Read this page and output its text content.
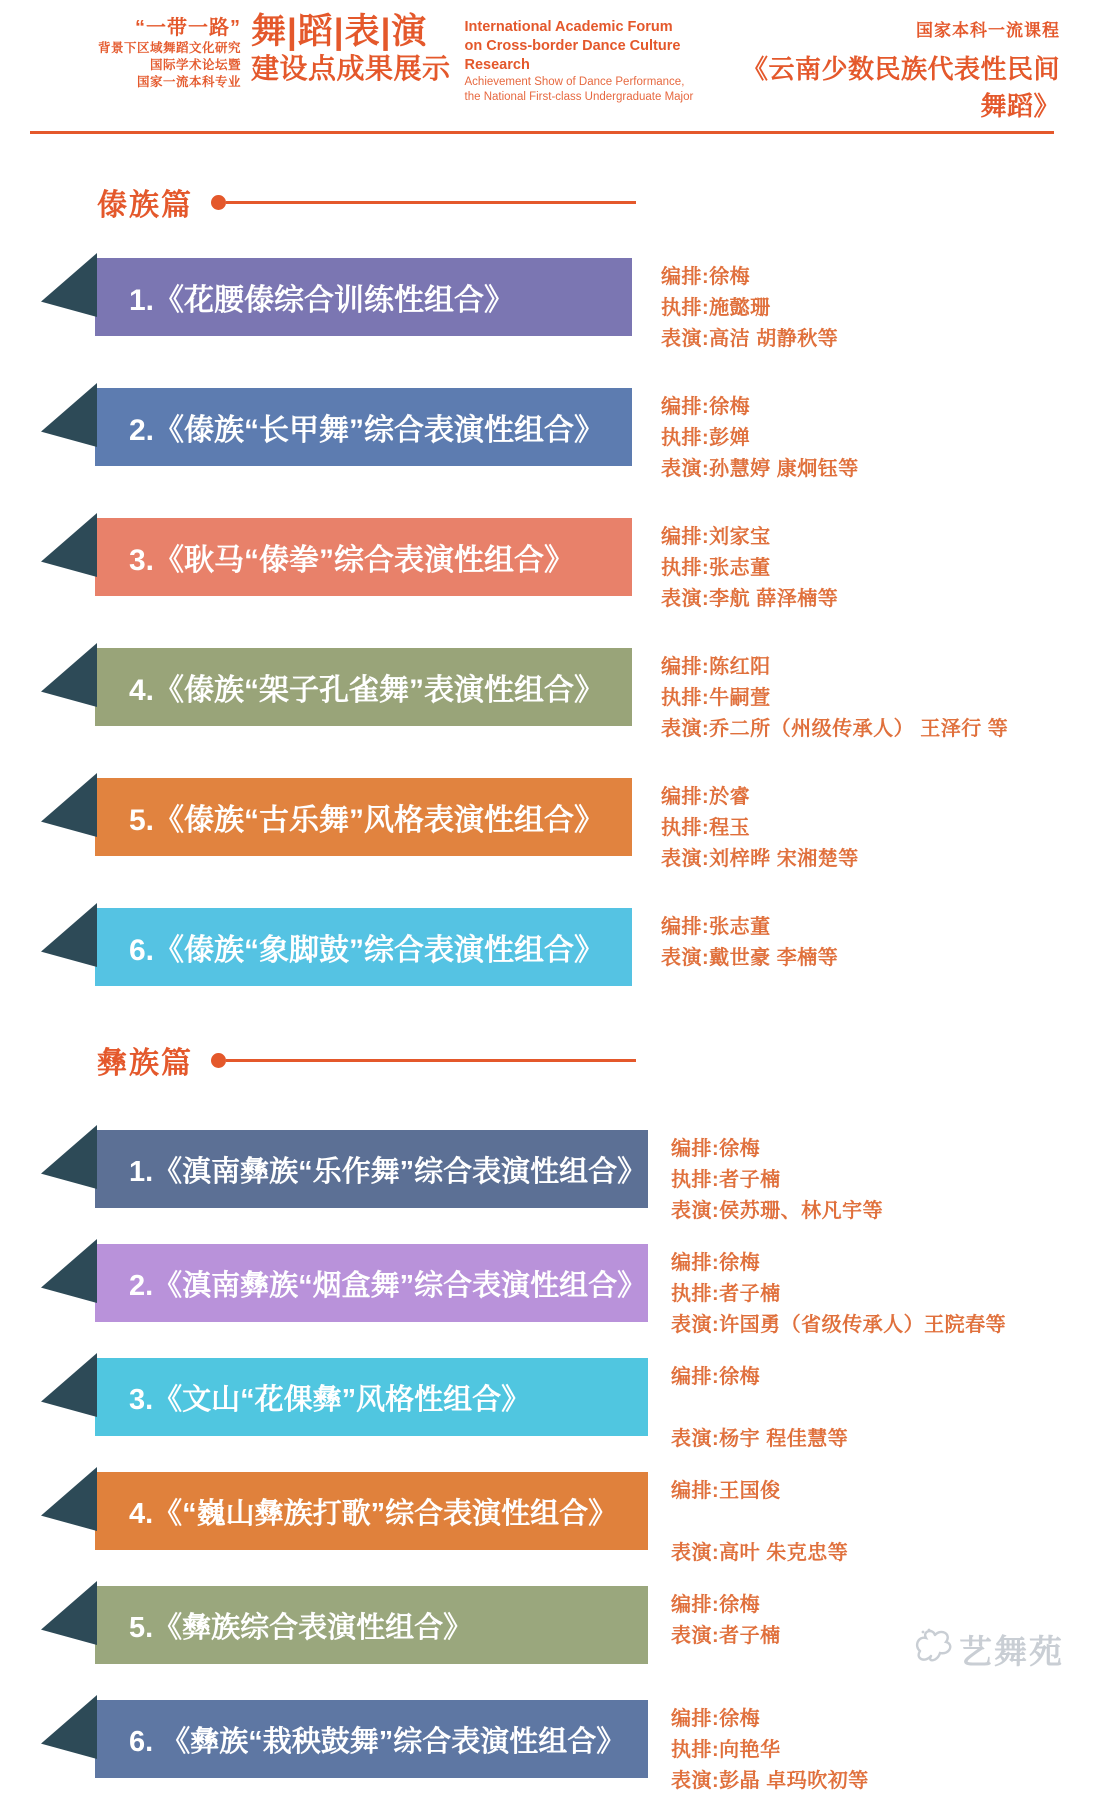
“一带一路”
背景下区域舞蹈文化研究
国际学术论坛暨
国家一流本科专业
舞|蹈|表|演
建设点成果展示
International Academic Forum
on Cross-border Dance Culture Research
Achievement Show of Dance Performance,
the National First-class Undergraduate Major
国家本科一流课程
《云南少数民族代表性民间舞蹈》
傣族篇
1.《花腰傣综合训练性组合》
编排:徐梅
执排:施懿珊
表演:高洁 胡静秋等
2.《傣族“长甲舞”综合表演性组合》
编排:徐梅
执排:彭婵
表演:孙慧婷 康炯钰等
3.《耿马“傣拳”综合表演性组合》
编排:刘家宝
执排:张志董
表演:李航 薛泽楠等
4.《傣族“架子孔雀舞”表演性组合》
编排:陈红阳
执排:牛嗣萱
表演:乔二所（州级传承人） 王泽行 等
5.《傣族“古乐舞”风格表演性组合》
编排:於睿
执排:程玉
表演:刘梓晔 宋湘楚等
6.《傣族“象脚鼓”综合表演性组合》
编排:张志董
表演:戴世豪 李楠等
彝族篇
1.《滇南彝族“乐作舞”综合表演性组合》
编排:徐梅
执排:者子楠
表演:侯苏珊、林凡宇等
2.《滇南彝族“烟盒舞”综合表演性组合》
编排:徐梅
执排:者子楠
表演:许国勇（省级传承人）王院春等
3.《文山“花倮彝”风格性组合》
编排:徐梅
表演:杨宇 程佳慧等
4.《“巍山彝族打歌”综合表演性组合》
编排:王国俊
表演:高叶 朱克忠等
5.《彝族综合表演性组合》
编排:徐梅
表演:者子楠
6. 《彝族“栽秧鼓舞”综合表演性组合》
编排:徐梅
执排:向艳华
表演:彭晶 卓玛吹初等
艺舞苑
